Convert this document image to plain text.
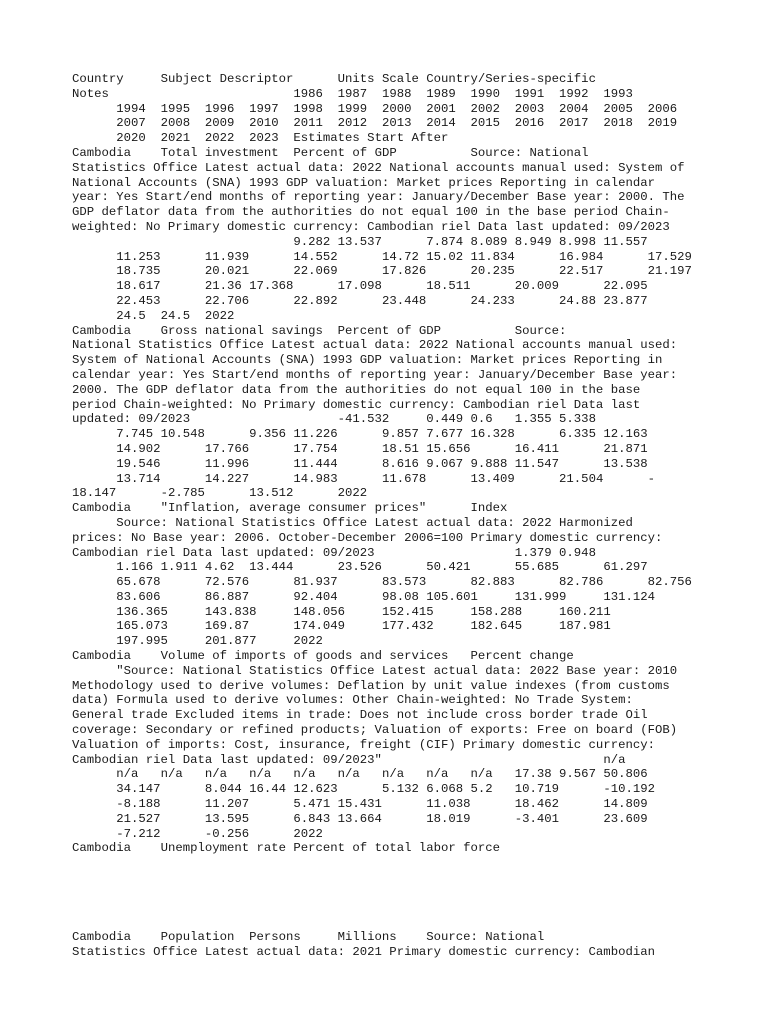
Country	Subject Descriptor	Units	Scale	Country/Series-specific
Notes					1986	1987	1988	1989	1990	1991	1992	1993
	1994	1995	1996	1997	1998	1999	2000	2001	2002	2003	2004	2005	2006
	2007	2008	2009	2010	2011	2012	2013	2014	2015	2016	2017	2018	2019
	2020	2021	2022	2023	Estimates Start After
Cambodia	Total investment	Percent of GDP		Source: National
Statistics Office Latest actual data: 2022 National accounts manual used: System of
National Accounts (SNA) 1993 GDP valuation: Market prices Reporting in calendar
year: Yes Start/end months of reporting year: January/December Base year: 2000. The
GDP deflator data from the authorities do not equal 100 in the base period Chain-
weighted: No Primary domestic currency: Cambodian riel Data last updated: 09/2023
					9.282	13.537	7.874	8.089	8.949	8.998	11.557
	11.253	11.939	14.552	14.72	15.02	11.834	16.984	17.529
	18.735	20.021	22.069	17.826	20.235	22.517	21.197
	18.617	21.36	17.368	17.098	18.511	20.009	22.095
	22.453	22.706	22.892	23.448	24.233	24.88	23.877
	24.5	24.5	2022
Cambodia	Gross national savings	Percent of GDP		Source:
National Statistics Office Latest actual data: 2022 National accounts manual used:
System of National Accounts (SNA) 1993 GDP valuation: Market prices Reporting in
calendar year: Yes Start/end months of reporting year: January/December Base year:
2000. The GDP deflator data from the authorities do not equal 100 in the base
period Chain-weighted: No Primary domestic currency: Cambodian riel Data last
updated: 09/2023				-41.532	0.449	0.6	1.355	5.338
	7.745	10.548	9.356	11.226	9.857	7.677	16.328	6.335	12.163
	14.902	17.766	17.754	18.51	15.656	16.411	21.871
	19.546	11.996	11.444	8.616	9.067	9.888	11.547	13.538
	13.714	14.227	14.983	11.678	13.409	21.504	-
18.147	-2.785	13.512	2022
Cambodia	"Inflation, average consumer prices"	Index
	Source: National Statistics Office Latest actual data: 2022 Harmonized
prices: No Base year: 2006. October-December 2006=100 Primary domestic currency:
Cambodian riel Data last updated: 09/2023				1.379	0.948
	1.166	1.911	4.62	13.444	23.526	50.421	55.685	61.297
	65.678	72.576	81.937	83.573	82.883	82.786	82.756
	83.606	86.887	92.404	98.08	105.601	131.999	131.124
	136.365	143.838	148.056	152.415	158.288	160.211
	165.073	169.87	174.049	177.432	182.645	187.981
	197.995	201.877	2022
Cambodia	Volume of imports of goods and services	Percent change
	"Source: National Statistics Office Latest actual data: 2022 Base year: 2010
Methodology used to derive volumes: Deflation by unit value indexes (from customs
data) Formula used to derive volumes: Other Chain-weighted: No Trade System:
General trade Excluded items in trade: Does not include cross border trade Oil
coverage: Secondary or refined products; Valuation of exports: Free on board (FOB)
Valuation of imports: Cost, insurance, freight (CIF) Primary domestic currency:
Cambodian riel Data last updated: 09/2023"					n/a
	n/a	n/a	n/a	n/a	n/a	n/a	n/a	n/a	n/a	17.38	9.567	50.806
	34.147	8.044	16.44	12.623	5.132	6.068	5.2	10.719	-10.192
	-8.188	11.207	5.471	15.431	11.038	18.462	14.809
	21.527	13.595	6.843	13.664	18.019	-3.401	23.609
	-7.212	-0.256	2022
Cambodia	Unemployment rate	Percent of total labor force
Cambodia	Population	Persons	Millions	Source: National
Statistics Office Latest actual data: 2021 Primary domestic currency: Cambodian
